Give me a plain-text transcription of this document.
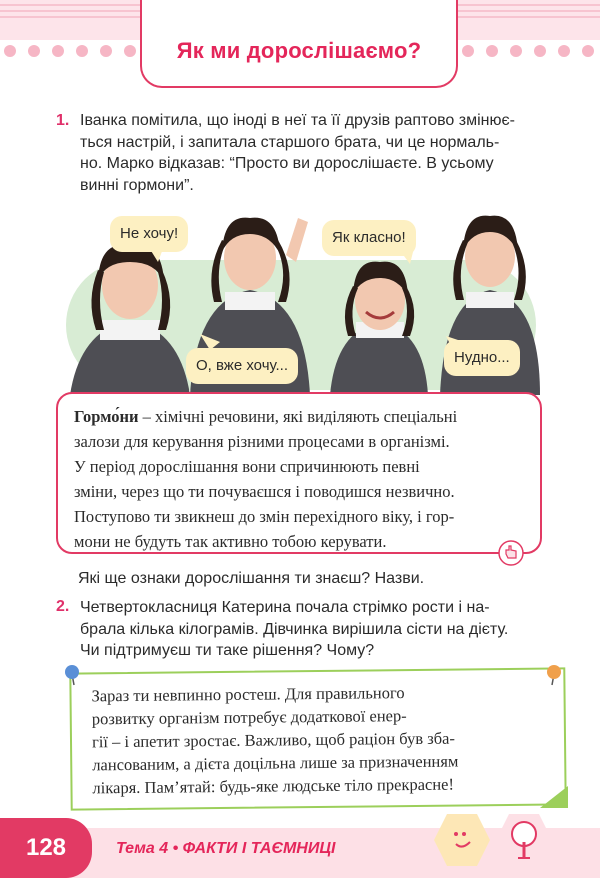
Як ми дорослішаємо?
1. Іванка помітила, що іноді в неї та її друзів раптово змінює-
ться настрій, і запитала старшого брата, чи це нормаль-
но. Марко відказав: “Просто ви дорослішаєте. В усьому
винні гормони”.
Не хочу!	Як класно!
О, вже хочу...	Нудно...

Гормо́ни – хімічні речовини, які виділяють спеціальні
залози для керування різними процесами в організмі.
У період дорослішання вони спричинюють певні
зміни, через що ти почуваєшся і поводишся незвично.
Поступово ти звикнеш до змін перехідного віку, і гор-
мони не будуть так активно тобою керувати.

Які ще ознаки дорослішання ти знаєш? Назви.
2. Четвертокласниця Катерина почала стрімко рости і на-
брала кілька кілограмів. Дівчинка вирішила сісти на дієту.
Чи підтримуєш ти таке рішення? Чому?

Зараз ти невпинно ростеш. Для правильного
розвитку організм потребує додаткової енер-
гії – і апетит зростає. Важливо, щоб раціон був зба-
лансованим, а дієта доцільна лише за призначенням
лікаря. Пам’ятай: будь-яке людське тіло прекрасне!

128	Тема 4 • ФАКТИ І ТАЄМНИЦІ
